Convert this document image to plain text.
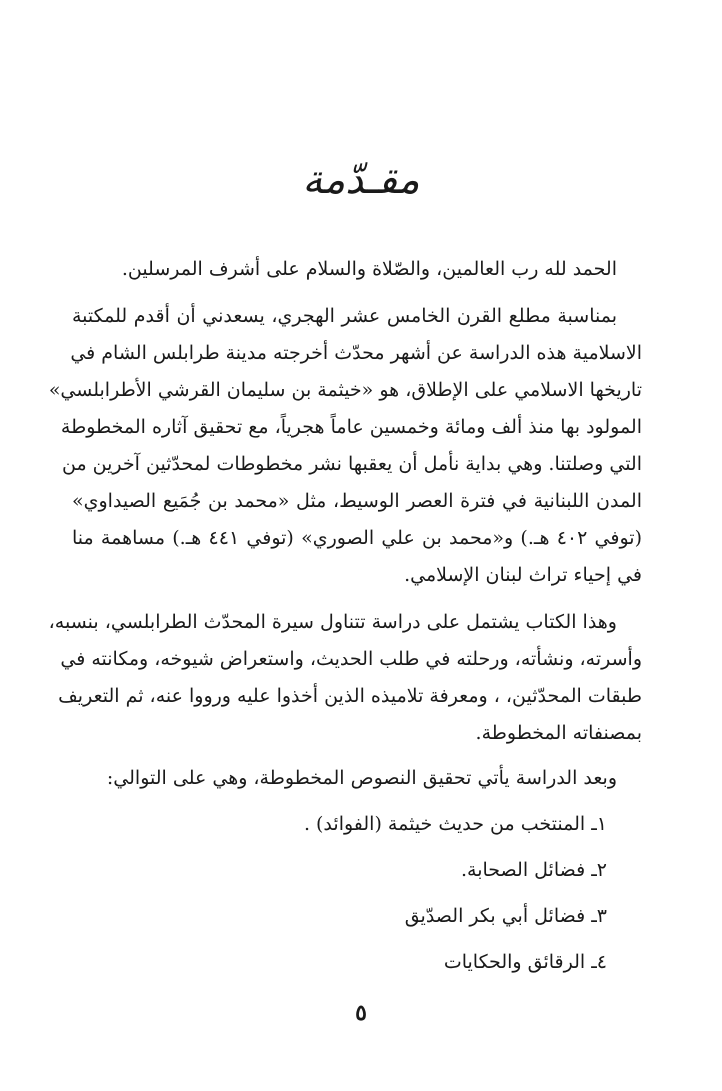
مقـدّمة
الحمد لله رب العالمين، والصّلاة والسلام على أشرف المرسلين.
بمناسبة مطلع القرن الخامس عشر الهجري، يسعدني أن أقدم للمكتبة
الاسلامية هذه الدراسة عن أشهر محدّث أخرجته مدينة طرابلس الشام في
تاريخها الاسلامي على الإطلاق، هو «خيثمة بن سليمان القرشي الأطرابلسي»
المولود بها منذ ألف ومائة وخمسين عاماً هجرياً، مع تحقيق آثاره المخطوطة
التي وصلتنا. وهي بداية نأمل أن يعقبها نشر مخطوطات لمحدّثين آخرين من
المدن اللبنانية في فترة العصر الوسيط، مثل «محمد بن جُمَيع الصيداوي»
(توفي ٤٠٢ هـ.) و«محمد بن علي الصوري» (توفي ٤٤١ هـ.) مساهمة منا
في إحياء تراث لبنان الإسلامي.
وهذا الكتاب يشتمل على دراسة تتناول سيرة المحدّث الطرابلسي، بنسبه،
وأسرته، ونشأته، ورحلته في طلب الحديث، واستعراض شيوخه، ومكانته في
طبقات المحدّثين، ، ومعرفة تلاميذه الذين أخذوا عليه ورووا عنه، ثم التعريف
بمصنفاته المخطوطة.
وبعد الدراسة يأتي تحقيق النصوص المخطوطة، وهي على التوالي:
١ـ المنتخب من حديث خيثمة (الفوائد) .
٢ـ فضائل الصحابة.
٣ـ فضائل أبي بكر الصدّيق
٤ـ الرقائق والحكايات
٥
